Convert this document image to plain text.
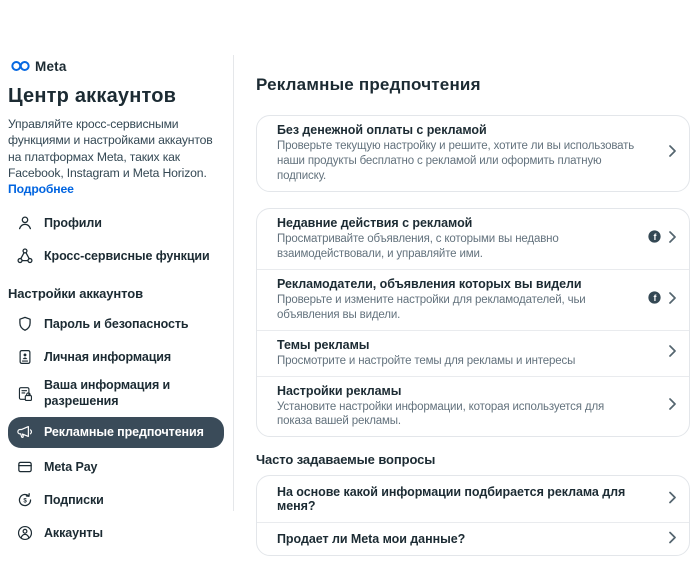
Meta
Центр аккаунтов
Управляйте кросс-сервисными функциями и настройками аккаунтов на платформах Meta, таких как Facebook, Instagram и Meta Horizon. Подробнее
Профили
Кросс-сервисные функции
Настройки аккаунтов
Пароль и безопасность
Личная информация
Ваша информация и разрешения
Рекламные предпочтения
Meta Pay
$ Подписки
Аккаунты
Рекламные предпочтения
Без денежной оплаты с рекламой
Проверьте текущую настройку и решите, хотите ли вы использовать наши продукты бесплатно с рекламой или оформить платную подписку.
Недавние действия с рекламой
Просматривайте объявления, с которыми вы недавно взаимодействовали, и управляйте ими.
f
Рекламодатели, объявления которых вы видели
Проверьте и измените настройки для рекламодателей, чьи объявления вы видели.
f
Темы рекламы
Просмотрите и настройте темы для рекламы и интересы
Настройки рекламы
Установите настройки информации, которая используется для показа вашей рекламы.
Часто задаваемые вопросы
На основе какой информации подбирается реклама для меня?
Продает ли Meta мои данные?
